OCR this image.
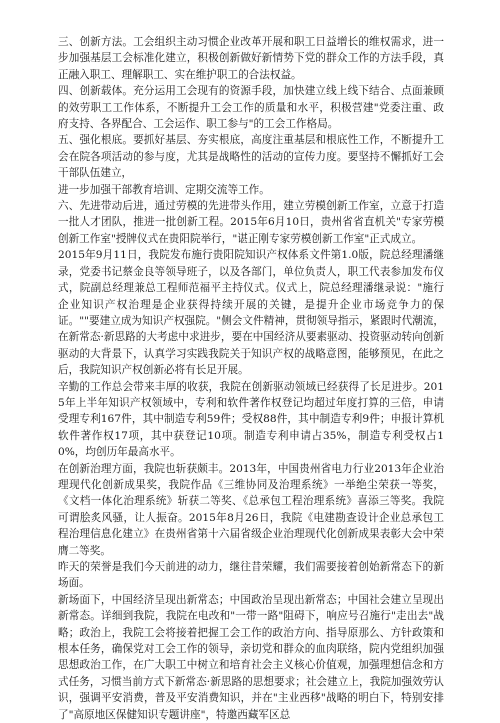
三、创新方法。工会组织主动习惯企业改革开展和职工日益增长的维权需求，进一步加强基层工会标准化建立，积极创新做好新情势下党的群众工作的方法手段，真正融入职工、理解职工、实在维护职工的合法权益。

四、创新载体。充分运用工会现有的资源手段，加快建立线上线下结合、点面兼顾的效劳职工工作体系，不断提升工会工作的质量和水平，积极营建"党委注重、政府支持、各界配合、工会运作、职工参与"的工会工作格局。

五、强化根底。要抓好基层、夯实根底，高度注重基层和根底性工作，不断提升工会在院各项活动的参与度，尤其是战略性的活动的宣传力度。要坚持不懈抓好工会干部队伍建立，

进一步加强干部教育培训、定期交流等工作。

六、先进带动后进，通过劳模的先进带头作用，建立劳模创新工作室，立意于打造一批人才团队，推进一批创新工程。2015年6月10日，贵州省省直机关"专家劳模创新工作室"授牌仪式在贵阳院举行，"谌正刚专家劳模创新工作室"正式成立。

2015年9月11日，我院发布施行贵阳院知识产权体系文件第1.0版，院总经理潘继录，党委书记蔡金良等领导班子，以及各部门，单位负责人，职工代表参加发布仪式，院副总经理兼总工程师范福平主持仪式。仪式上，院总经理潘继录说："施行企业知识产权治理是企业获得持续开展的关键，是提升企业市场竞争力的保证。""要建立成为知识产权强院。"侧会文件精神，贯彻领导指示，紧跟时代潮流，在新常态·新思路的大考虑中求进步，要在中国经济从要素驱动、投资驱动转向创新驱动的大背景下，认真学习实践我院关于知识产权的战略意图，能够预见，在此之后，我院知识产权创新必将有长足开展。

辛勤的工作总会带来丰厚的收获，我院在创新驱动领域已经获得了长足进步。2015年上半年知识产权领域中，专利和软件著作权登记均超过年度打算的三倍，申请受理专利167件，其中制造专利59件；受权88件，其中制造专利9件；申报计算机软件著作权17项，其中获登记10项。制造专利申请占35%，制造专利受权占10%，均创历年最高水平。

在创新治理方面，我院也斩获颇丰。2013年，中国贵州省电力行业2013年企业治理现代化创新成果奖，我院作品《三维协同及治理系统》一举绝尘荣获一等奖，《文档一体化治理系统》斩获二等奖、《总承包工程治理系统》喜添三等奖。我院可谓脍炙风骚，让人振奋。2015年8月26日，我院《电建勘查设计企业总承包工程治理信息化建立》在贵州省第十六届省级企业治理现代化创新成果表彰大会中荣膺二等奖。

昨天的荣誉是我们今天前进的动力，继往昔荣耀，我们需要接着创始新常态下的新场面。

新场面下，中国经济呈现出新常态；中国政治呈现出新常态；中国社会建立呈现出新常态。详细到我院，我院在电改和"一带一路"阻碍下，响应号召施行"走出去"战略；政治上，我院工会将接着把握工会工作的政治方向、指导原那么、方针政策和根本任务，确保党对工会工作的领导，亲切党和群众的血肉联络，院内党组织加强思想政治工作，在广大职工中树立和培育社会主义核心价值观，加强理想信念和方式任务，习惯当前方式下新常态·新思路的思想要求；社会建立上，我院加强效劳认识，强调平安消费，普及平安消费知识，并在"主业西移"战略的明白下，特别安排了"高原地区保健知识专题讲座"，特邀西藏军区总
